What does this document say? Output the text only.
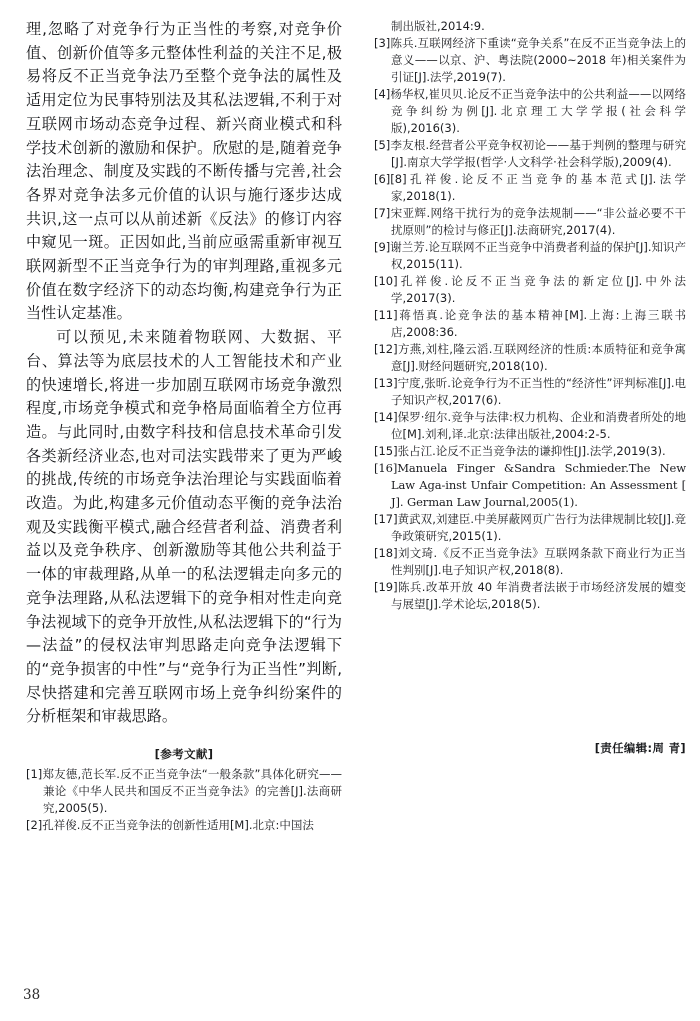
理,忽略了对竞争行为正当性的考察,对竞争价值、创新价值等多元整体性利益的关注不足,极易将反不正当竞争法乃至整个竞争法的属性及适用定位为民事特别法及其私法逻辑,不利于对互联网市场动态竞争过程、新兴商业模式和科学技术创新的激励和保护。欣慰的是,随着竞争法治理念、制度及实践的不断传播与完善,社会各界对竞争法多元价值的认识与施行逐步达成共识,这一点可以从前述新《反法》的修订内容中窥见一斑。正因如此,当前应亟需重新审视互联网新型不正当竞争行为的审判理路,重视多元价值在数字经济下的动态均衡,构建竞争行为正当性认定基准。

可以预见,未来随着物联网、大数据、平台、算法等为底层技术的人工智能技术和产业的快速增长,将进一步加剧互联网市场竞争激烈程度,市场竞争模式和竞争格局面临着全方位再造。与此同时,由数字科技和信息技术革命引发各类新经济业态,也对司法实践带来了更为严峻的挑战,传统的市场竞争法治理论与实践面临着改造。为此,构建多元价值动态平衡的竞争法治观及实践衡平模式,融合经营者利益、消费者利益以及竞争秩序、创新激励等其他公共利益于一体的审裁理路,从单一的私法逻辑走向多元的竞争法理路,从私法逻辑下的竞争相对性走向竞争法视域下的竞争开放性,从私法逻辑下的“行为—法益”的侵权法审判思路走向竞争法逻辑下的“竞争损害的中性”与“竞争行为正当性”判断,尽快搭建和完善互联网市场上竞争纠纷案件的分析框架和审裁思路。

[参考文献]

[1]郑友德,范长军.反不正当竞争法“一般条款”具体化研究——兼论《中华人民共和国反不正当竞争法》的完善[J].法商研究,2005(5).

[2]孔祥俊.反不正当竞争法的创新性适用[M].北京:中国法

制出版社,2014:9.

[3]陈兵.互联网经济下重读“竞争关系”在反不正当竞争法上的意义——以京、沪、粤法院(2000~2018 年)相关案件为引证[J].法学,2019(7).

[4]杨华权,崔贝贝.论反不正当竞争法中的公共利益——以网络竞争纠纷为例[J].北京理工大学学报(社会科学版),2016(3).

[5]李友根.经营者公平竞争权初论——基于判例的整理与研究[J].南京大学学报(哲学·人文科学·社会科学版),2009(4).

[6][8]孔祥俊.论反不正当竞争的基本范式[J].法学家,2018(1).

[7]宋亚辉.网络干扰行为的竞争法规制——“非公益必要不干扰原则”的检讨与修正[J].法商研究,2017(4).

[9]谢兰芳.论互联网不正当竞争中消费者利益的保护[J].知识产权,2015(11).

[10]孔祥俊.论反不正当竞争法的新定位[J].中外法学,2017(3).

[11]蒋悟真.论竞争法的基本精神[M].上海:上海三联书店,2008:36.

[12]方燕,刘柱,隆云滔.互联网经济的性质:本质特征和竞争寓意[J].财经问题研究,2018(10).

[13]宁度,张昕.论竞争行为不正当性的“经济性”评判标准[J].电子知识产权,2017(6).

[14]保罗·纽尔.竞争与法律:权力机构、企业和消费者所处的地位[M].刘利,译.北京:法律出版社,2004:2-5.

[15]张占江.论反不正当竞争法的谦抑性[J].法学,2019(3).

[16]Manuela Finger &Sandra Schmieder.The New Law Aga-inst Unfair Competition: An Assessment [ J]. German Law Journal,2005(1).

[17]黄武双,刘建臣.中美屏蔽网页广告行为法律规制比较[J].竞争政策研究,2015(1).

[18]刘文琦.《反不正当竞争法》互联网条款下商业行为正当性判别[J].电子知识产权,2018(8).

[19]陈兵.改革开放 40 年消费者法嵌于市场经济发展的嬗变与展望[J].学术论坛,2018(5).

[责任编辑:周 青]
38
